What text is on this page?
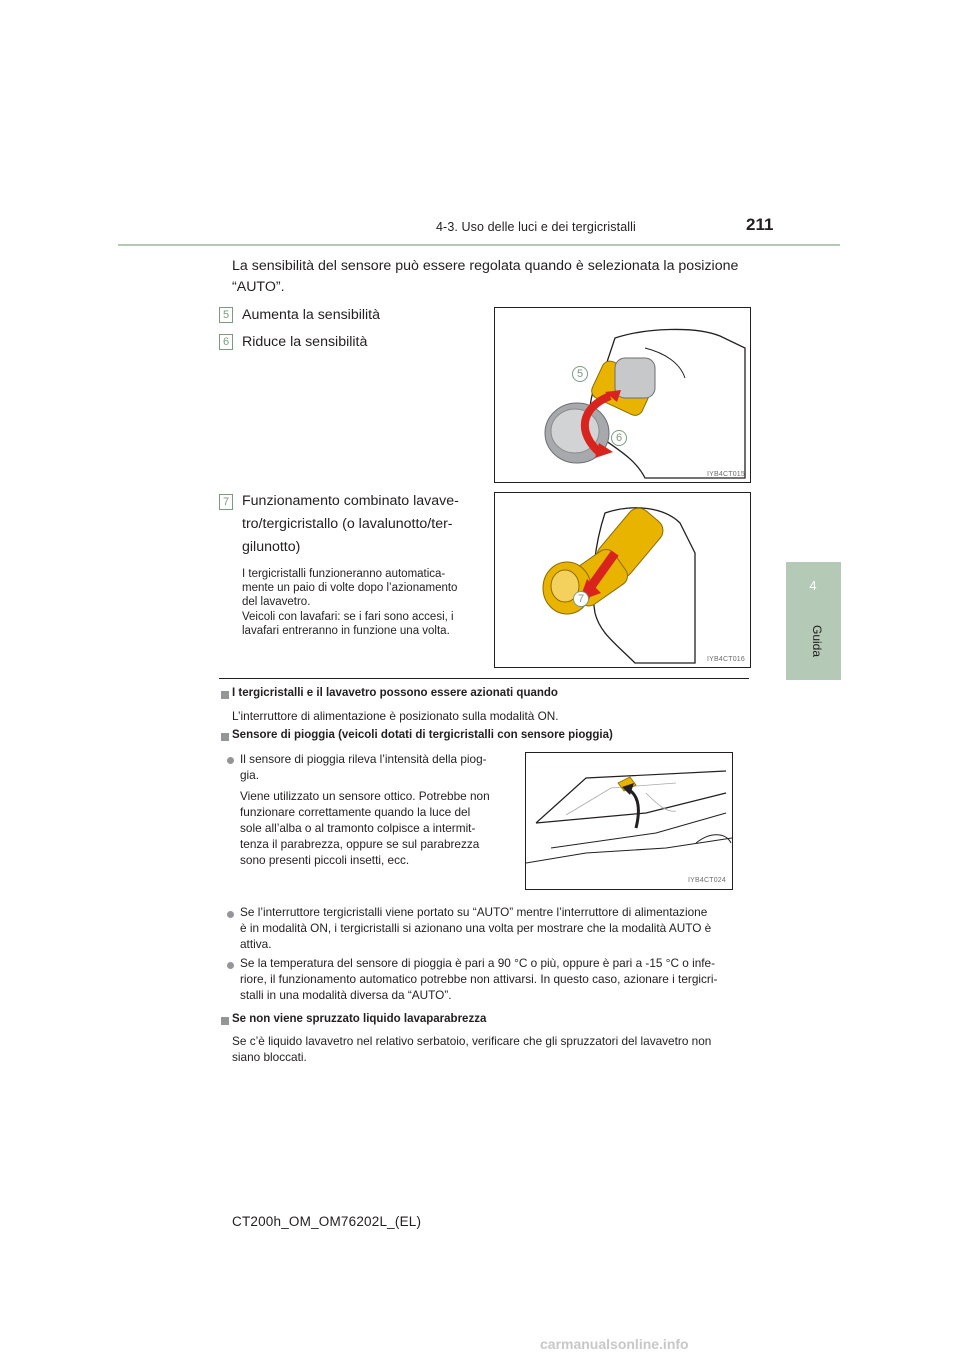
4-3. Uso delle luci e dei tergicristalli	211
4
Guida
La sensibilità del sensore può essere regolata quando è selezionata la posizione
“AUTO”.
5 Aumenta la sensibilità
6 Riduce la sensibilità
5
6
IYB4CT015
7 Funzionamento combinato lavave-
tro/tergicristallo (o lavalunotto/ter-
gilunotto)
I tergicristalli funzioneranno automatica-
mente un paio di volte dopo l’azionamento
del lavavetro.
Veicoli con lavafari: se i fari sono accesi, i
lavafari entreranno in funzione una volta.
7
IYB4CT016
I tergicristalli e il lavavetro possono essere azionati quando
L’interruttore di alimentazione è posizionato sulla modalità ON.
Sensore di pioggia (veicoli dotati di tergicristalli con sensore pioggia)
Il sensore di pioggia rileva l’intensità della piog-
gia.
Viene utilizzato un sensore ottico. Potrebbe non
funzionare correttamente quando la luce del
sole all’alba o al tramonto colpisce a intermit-
tenza il parabrezza, oppure se sul parabrezza
sono presenti piccoli insetti, ecc.
IYB4CT024
Se l’interruttore tergicristalli viene portato su “AUTO” mentre l’interruttore di alimentazione
è in modalità ON, i tergicristalli si azionano una volta per mostrare che la modalità AUTO è
attiva.
Se la temperatura del sensore di pioggia è pari a 90 °C o più, oppure è pari a -15 °C o infe-
riore, il funzionamento automatico potrebbe non attivarsi. In questo caso, azionare i tergicri-
stalli in una modalità diversa da “AUTO”.
Se non viene spruzzato liquido lavaparabrezza
Se c’è liquido lavavetro nel relativo serbatoio, verificare che gli spruzzatori del lavavetro non
siano bloccati.
CT200h_OM_OM76202L_(EL)
carmanualsonline.info
